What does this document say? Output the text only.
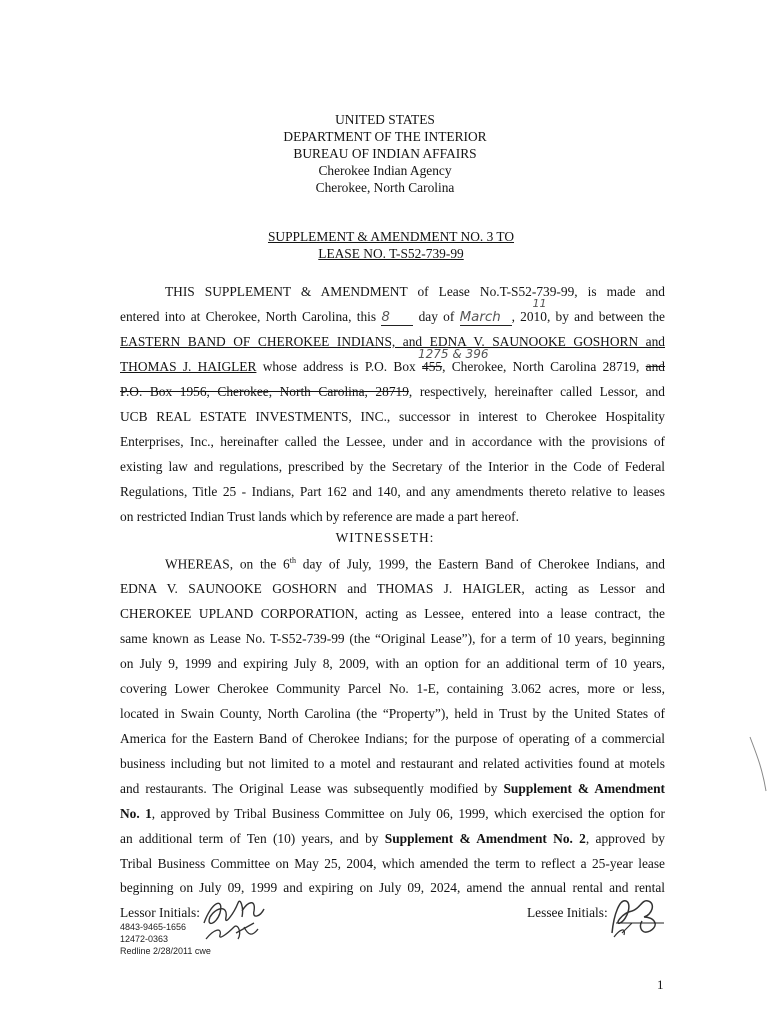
UNITED STATES
DEPARTMENT OF THE INTERIOR
BUREAU OF INDIAN AFFAIRS
Cherokee Indian Agency
Cherokee, North Carolina
SUPPLEMENT & AMENDMENT NO. 3 TO
LEASE NO. T-S52-739-99
THIS SUPPLEMENT & AMENDMENT of Lease No.T-S52-739-99, is made and
entered into at Cherokee, North Carolina, this 8 day of March , 20
11
10, by and between the
EASTERN BAND OF CHEROKEE INDIANS, and EDNA V. SAUNOOKE GOSHORN and
THOMAS J. HAIGLER whose address is P.O. Box
1275 & 396
455, Cherokee, North Carolina 28719, and
P.O. Box 1956, Cherokee, North Carolina, 28719, respectively, hereinafter called Lessor, and
UCB REAL ESTATE INVESTMENTS, INC., successor in interest to Cherokee Hospitality
Enterprises, Inc., hereinafter called the Lessee, under and in accordance with the provisions of
existing law and regulations, prescribed by the Secretary of the Interior in the Code of Federal
Regulations, Title 25 - Indians, Part 162 and 140, and any amendments thereto relative to leases
on restricted Indian Trust lands which by reference are made a part hereof.
WITNESSETH:
WHEREAS, on the 6th day of July, 1999, the Eastern Band of Cherokee Indians, and
EDNA V. SAUNOOKE GOSHORN and THOMAS J. HAIGLER, acting as Lessor and
CHEROKEE UPLAND CORPORATION, acting as Lessee, entered into a lease contract, the
same known as Lease No. T-S52-739-99 (the “Original Lease”), for a term of 10 years, beginning
on July 9, 1999 and expiring July 8, 2009, with an option for an additional term of 10 years,
covering Lower Cherokee Community Parcel No. 1-E, containing 3.062 acres, more or less,
located in Swain County, North Carolina (the “Property”), held in Trust by the United States of
America for the Eastern Band of Cherokee Indians; for the purpose of operating of a commercial
business including but not limited to a motel and restaurant and related activities found at motels
and restaurants. The Original Lease was subsequently modified by Supplement & Amendment
No. 1, approved by Tribal Business Committee on July 06, 1999, which exercised the option for
an additional term of Ten (10) years, and by Supplement & Amendment No. 2, approved by
Tribal Business Committee on May 25, 2004, which amended the term to reflect a 25-year lease
beginning on July 09, 1999 and expiring on July 09, 2024, amend the annual rental and rental
Lessor Initials:	Lessee Initials:
4843-9465-1656
12472-0363
Redline 2/28/2011 cwe
1
